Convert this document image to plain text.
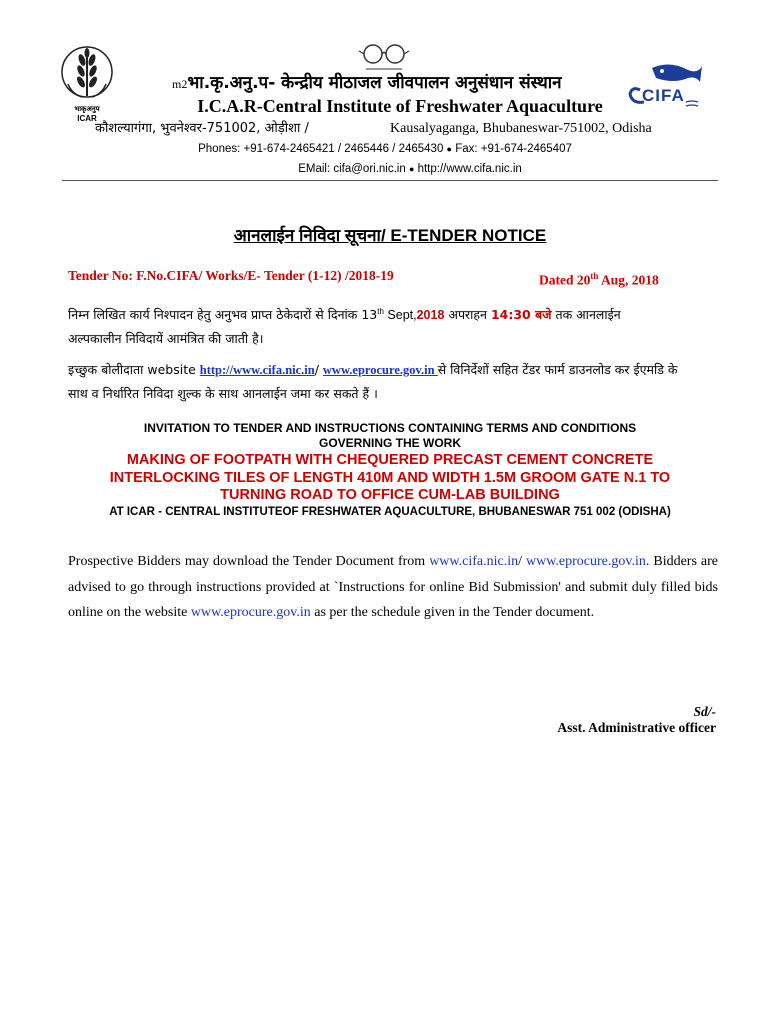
भाकृअनुप
ICAR
m2भा.कृ.अनु.प- केन्द्रीय मीठाजल जीवपालन अनुसंधान संस्थान
I.C.A.R-Central Institute of Freshwater Aquaculture
कौशल्यागंगा, भुवनेश्वर-751002, ओड़ीशा /	Kausalyaganga, Bhubaneswar-751002, Odisha
Phones: +91-674-2465421 / 2465446 / 2465430 ● Fax: +91-674-2465407
EMail: cifa@ori.nic.in ● http://www.cifa.nic.in
CIFA
आनलाईन निविदा सूचना/ E-TENDER NOTICE
Tender No: F.No.CIFA/ Works/E- Tender (1-12) /2018-19	Dated 20th Aug, 2018
निम्न लिखित कार्य निश्पादन हेतु अनुभव प्राप्त ठेकेदारों से दिनांक 13th Sept,2018 अपराहन 14:30 बजे तक आनलाईन
अल्पकालीन निविदायें आमंत्रित की जाती है।
इच्छुक बोलीदाता website http://www.cifa.nic.in/ www.eprocure.gov.in से विनिर्देशों सहित टेंडर फार्म डाउनलोड कर ईएमडि के
साथ व निर्धारित निविदा शुल्क के साथ आनलाईन जमा कर सकते हैं ।
INVITATION TO TENDER AND INSTRUCTIONS CONTAINING TERMS AND CONDITIONS
GOVERNING THE WORK
MAKING OF FOOTPATH WITH CHEQUERED PRECAST CEMENT CONCRETE
INTERLOCKING TILES OF LENGTH 410M AND WIDTH 1.5M GROOM GATE N.1 TO
TURNING ROAD TO OFFICE CUM-LAB BUILDING
AT ICAR - CENTRAL INSTITUTEOF FRESHWATER AQUACULTURE, BHUBANESWAR 751 002 (ODISHA)
Prospective Bidders may download the Tender Document from www.cifa.nic.in/ www.eprocure.gov.in. Bidders are advised to go through instructions provided at `Instructions for online Bid Submission' and submit duly filled bids online on the website www.eprocure.gov.in as per the schedule given in the Tender document.
Sd/-
Asst. Administrative officer
